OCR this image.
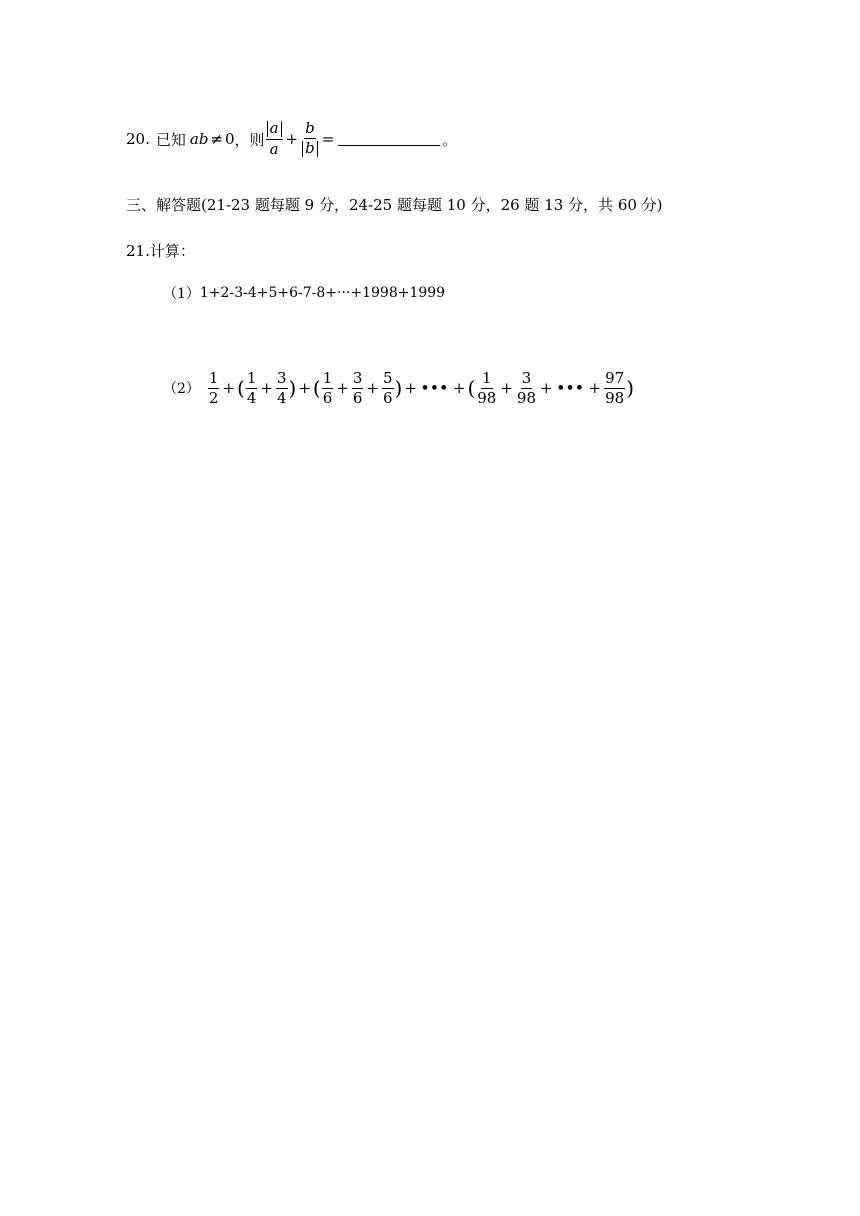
20. 已知 ab ≠ 0 ，则 $\frac{a}{a} + \frac{b}{b}$ =	。
三、解答题(21-23 题每题 9 分，24-25 题每题 10 分，26 题 13 分，共 60 分)
21.计算：
（1） 1+2-3-4+5+6-7-8+···+1998+1999
$(2) \frac{1}{2}$ + ( $\frac{1}{4} + \frac{3}{4}$ ) + ( $\frac{1}{6} + \frac{3}{6} + \frac{5}{6}$ ) + ••• + ( $\frac{1}{98} + \frac{3}{98}$ + ••• + $\frac{97}{98}$ )
